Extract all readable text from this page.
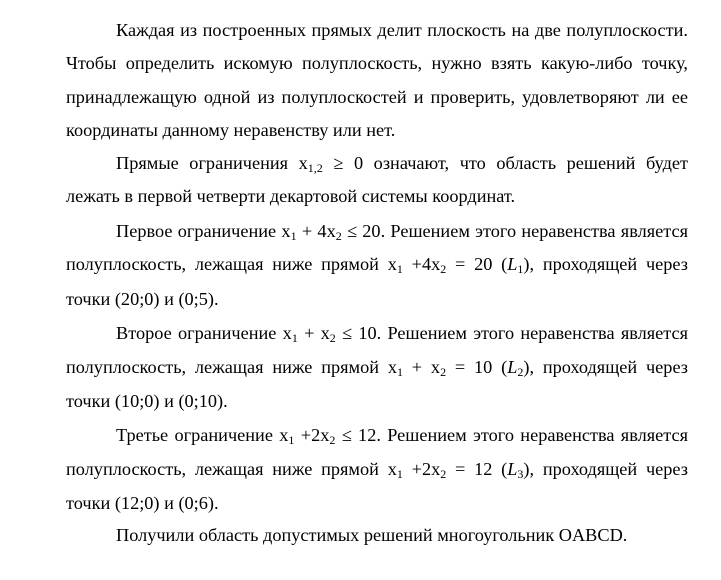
Каждая из построенных прямых делит плоскость на две полуплоскости.
Чтобы определить искомую полуплоскость, нужно взять какую-либо точку,
принадлежащую одной из полуплоскостей и проверить, удовлетворяют ли ее
координаты данному неравенству или нет.
Прямые ограничения $x_{1,2} \ge 0$ означают, что область решений будет
лежать в первой четверти декартовой системы координат.
Первое ограничение $x_1 + 4x_2 \le 20$. Решением этого неравенства является
полуплоскость, лежащая ниже прямой $x_1 +4x_2 = 20$ $(L_1)$, проходящей через
точки (20;0) и (0;5).
Второе ограничение $x_1 + x_2 \le 10$. Решением этого неравенства является
полуплоскость, лежащая ниже прямой $x_1 + x_2 = 10$ $(L_2)$, проходящей через
точки (10;0) и (0;10).
Третье ограничение $x_1 +2x_2 \le 12$. Решением этого неравенства является
полуплоскость, лежащая ниже прямой $x_1 +2x_2 = 12$ $(L_3)$, проходящей через
точки (12;0) и (0;6).
Получили область допустимых решений многоугольник OABCD.
